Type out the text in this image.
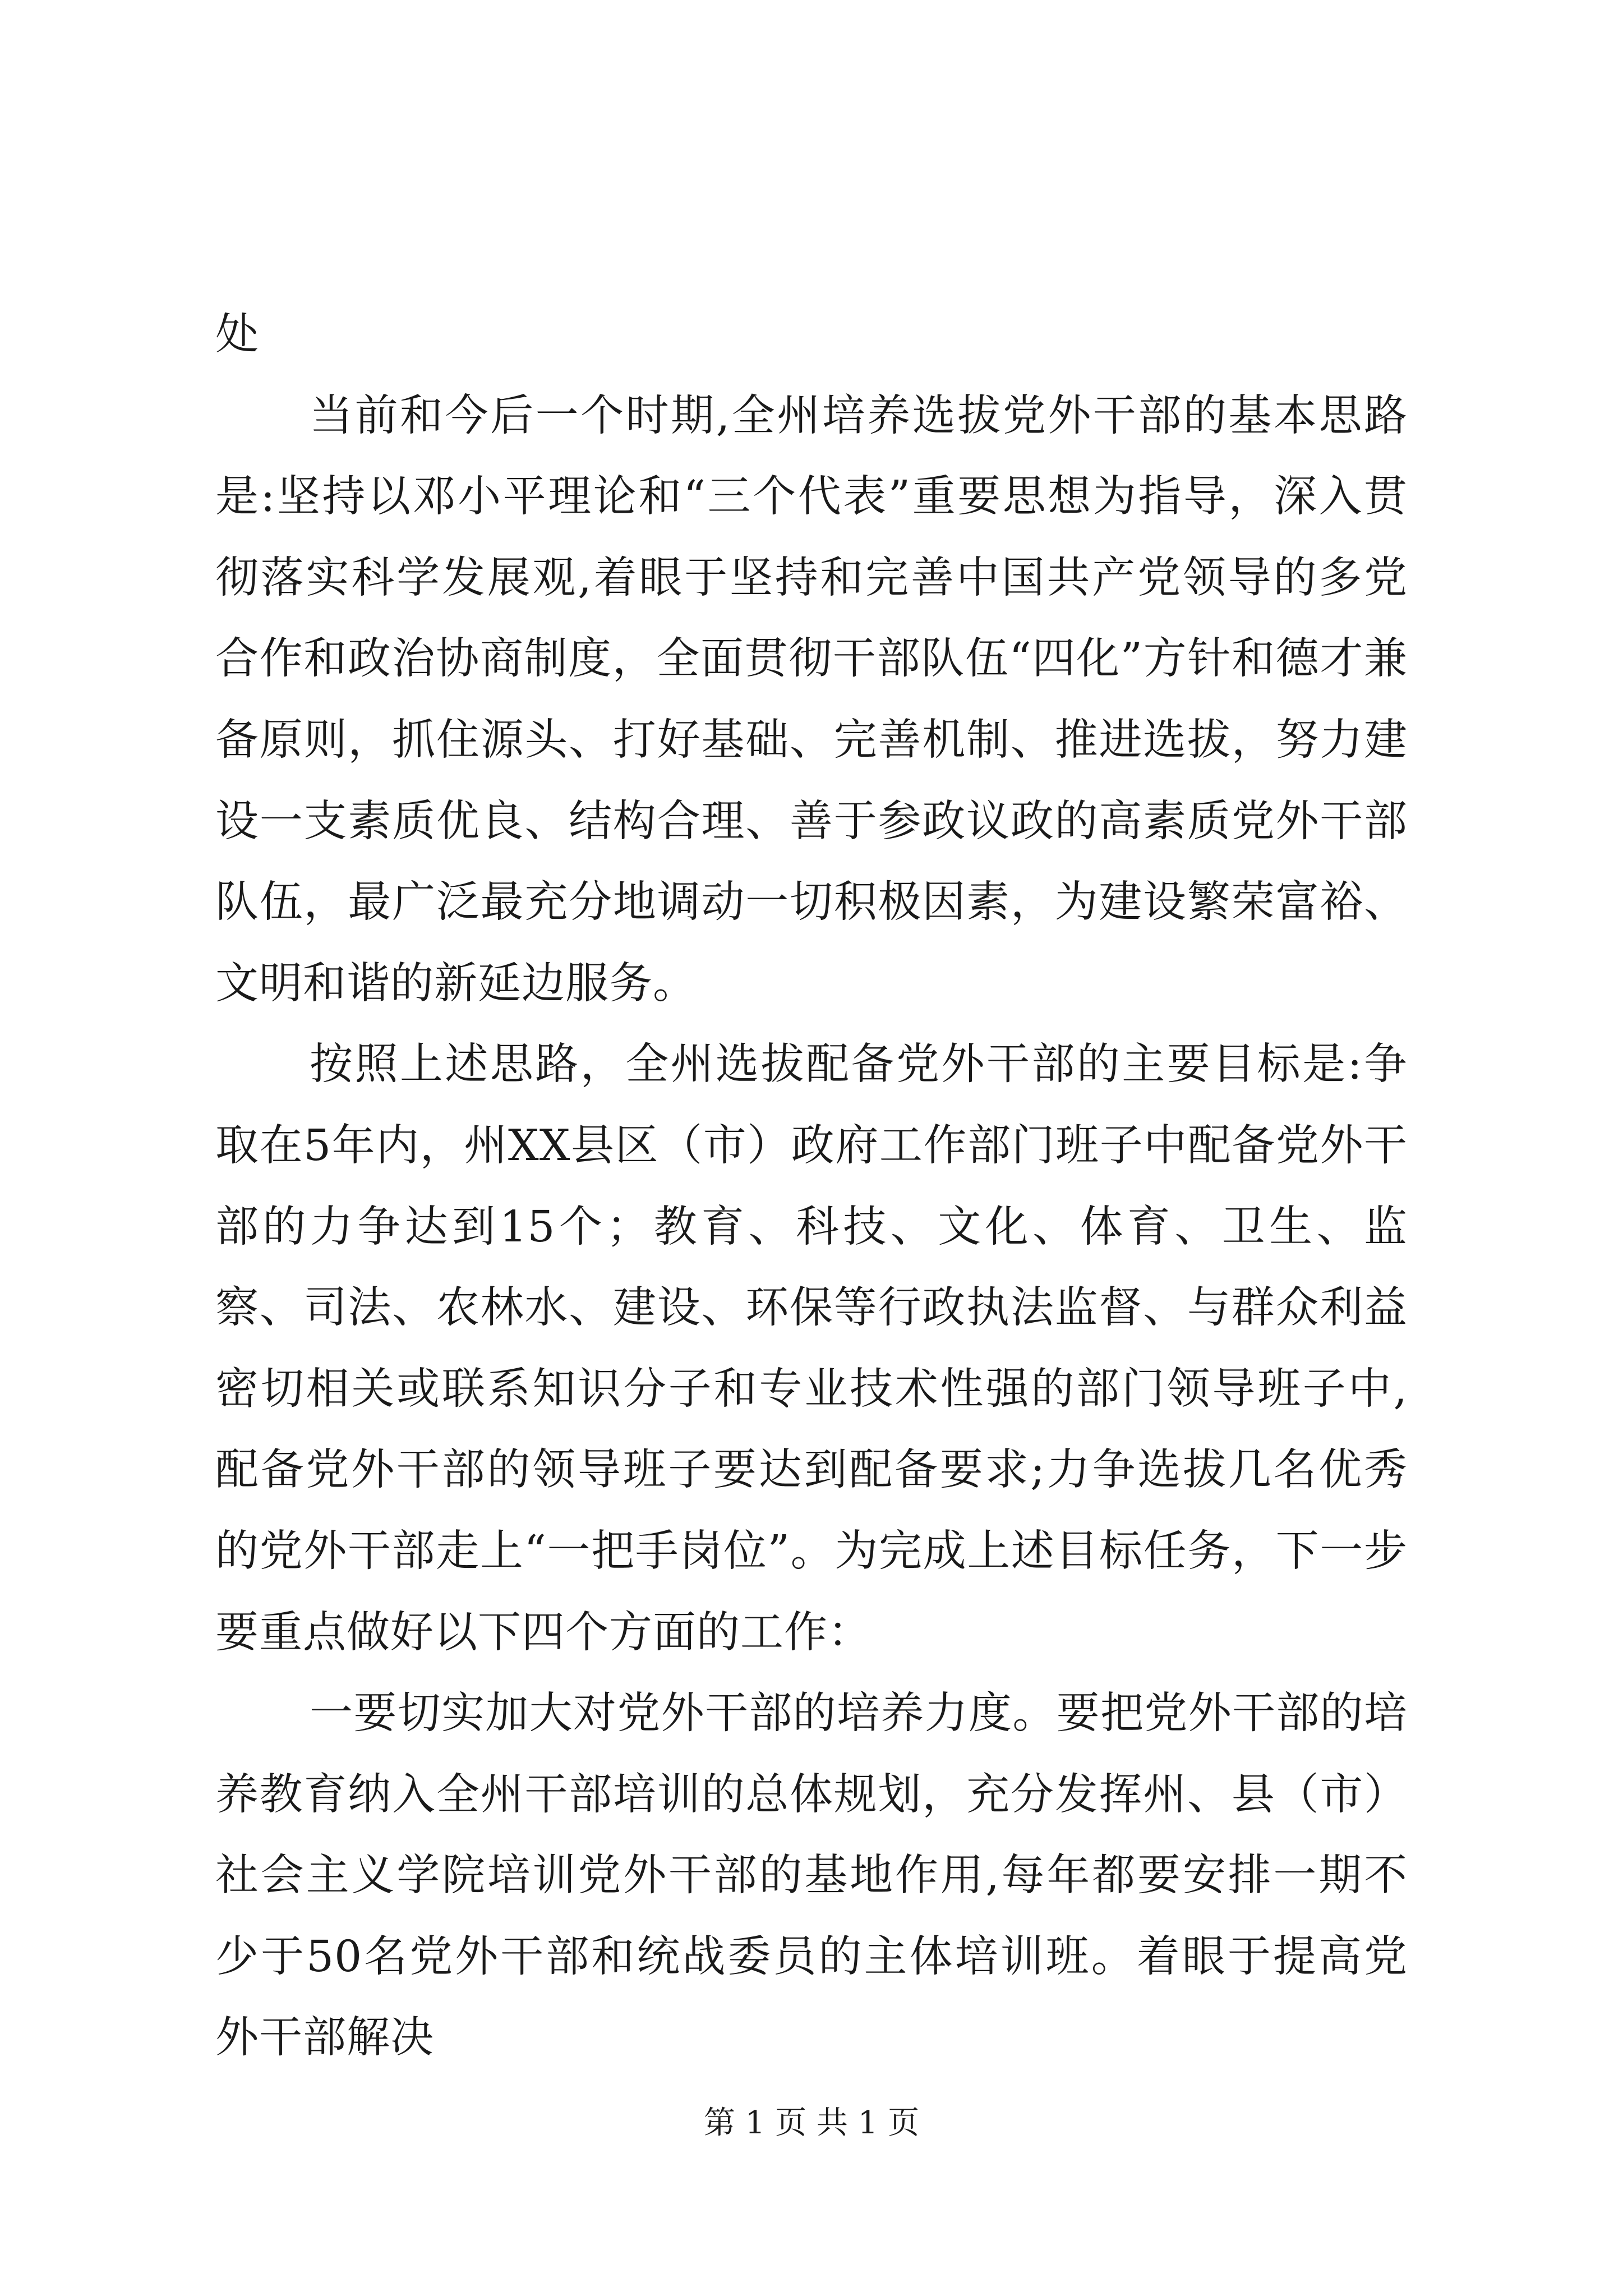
处

当前和今后一个时期,全州培养选拔党外干部的基本思路是:坚持以邓小平理论和“三个代表”重要思想为指导，深入贯彻落实科学发展观,着眼于坚持和完善中国共产党领导的多党合作和政治协商制度，全面贯彻干部队伍“四化”方针和德才兼备原则，抓住源头、打好基础、完善机制、推进选拔，努力建设一支素质优良、结构合理、善于参政议政的高素质党外干部队伍，最广泛最充分地调动一切积极因素，为建设繁荣富裕、文明和谐的新延边服务。

按照上述思路，全州选拔配备党外干部的主要目标是:争取在5年内，州XX县区（市）政府工作部门班子中配备党外干部的力争达到15个；教育、科技、文化、体育、卫生、监察、司法、农林水、建设、环保等行政执法监督、与群众利益密切相关或联系知识分子和专业技术性强的部门领导班子中,配备党外干部的领导班子要达到配备要求;力争选拔几名优秀的党外干部走上“一把手岗位”。为完成上述目标任务，下一步要重点做好以下四个方面的工作：

一要切实加大对党外干部的培养力度。要把党外干部的培养教育纳入全州干部培训的总体规划，充分发挥州、县（市）社会主义学院培训党外干部的基地作用,每年都要安排一期不少于50名党外干部和统战委员的主体培训班。着眼于提高党外干部解决

第 1 页 共 1 页
